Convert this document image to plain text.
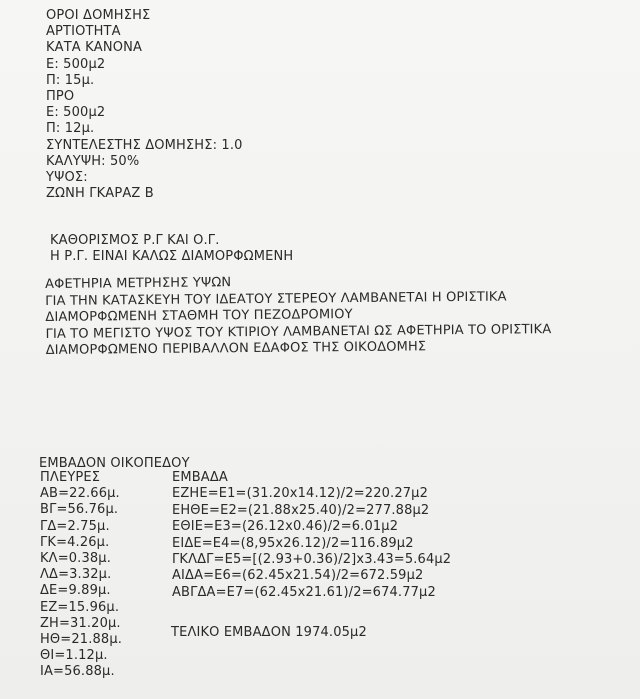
ΟΡΟΙ ΔΟΜΗΣΗΣ
ΑΡΤΙΟΤΗΤΑ
ΚΑΤΑ ΚΑΝΟΝΑ
Ε: 500μ2
Π: 15μ.
ΠΡΟ
Ε: 500μ2
Π: 12μ.
ΣΥΝΤΕΛΕΣΤΗΣ ΔΟΜΗΣΗΣ: 1.0
ΚΑΛΥΨΗ: 50%
ΥΨΟΣ:
ΖΩΝΗ ΓΚΑΡΑΖ Β
ΚΑΘΟΡΙΣΜΟΣ Ρ.Γ ΚΑΙ Ο.Γ.
Η Ρ.Γ. ΕΙΝΑΙ ΚΑΛΩΣ ΔΙΑΜΟΡΦΩΜΕΝΗ
ΑΦΕΤΗΡΙΑ ΜΕΤΡΗΣΗΣ ΥΨΩΝ
ΓΙΑ ΤΗΝ ΚΑΤΑΣΚΕΥΗ ΤΟΥ ΙΔΕΑΤΟΥ ΣΤΕΡΕΟΥ ΛΑΜΒΑΝΕΤΑΙ Η ΟΡΙΣΤΙΚΑ
ΔΙΑΜΟΡΦΩΜΕΝΗ ΣΤΑΘΜΗ ΤΟΥ ΠΕΖΟΔΡΟΜΙΟΥ
ΓΙΑ ΤΟ ΜΕΓΙΣΤΟ ΥΨΟΣ ΤΟΥ ΚΤΙΡΙΟΥ ΛΑΜΒΑΝΕΤΑΙ ΩΣ ΑΦΕΤΗΡΙΑ ΤΟ ΟΡΙΣΤΙΚΑ
ΔΙΑΜΟΡΦΩΜΕΝΟ ΠΕΡΙΒΑΛΛΟΝ ΕΔΑΦΟΣ ΤΗΣ ΟΙΚΟΔΟΜΗΣ
ΕΜΒΑΔΟΝ ΟΙΚΟΠΕΔΟΥ
ΠΛΕΥΡΕΣ
ΑΒ=22.66μ.
ΒΓ=56.76μ.
ΓΔ=2.75μ.
ΓΚ=4.26μ.
ΚΛ=0.38μ.
ΛΔ=3.32μ.
ΔΕ=9.89μ.
ΕΖ=15.96μ.
ΖΗ=31.20μ.
ΗΘ=21.88μ.
ΘΙ=1.12μ.
ΙΑ=56.88μ.
ΕΜΒΑΔΑ
ΕΖΗΕ=Ε1=(31.20x14.12)/2=220.27μ2
ΕΗΘΕ=Ε2=(21.88x25.40)/2=277.88μ2
ΕΘΙΕ=Ε3=(26.12x0.46)/2=6.01μ2
ΕΙΔΕ=Ε4=(8,95x26.12)/2=116.89μ2
ΓΚΛΔΓ=Ε5=[(2.93+0.36)/2]x3.43=5.64μ2
ΑΙΔΑ=Ε6=(62.45x21.54)/2=672.59μ2
ΑΒΓΔΑ=Ε7=(62.45x21.61)/2=674.77μ2
ΤΕΛΙΚΟ ΕΜΒΑΔΟΝ 1974.05μ2
